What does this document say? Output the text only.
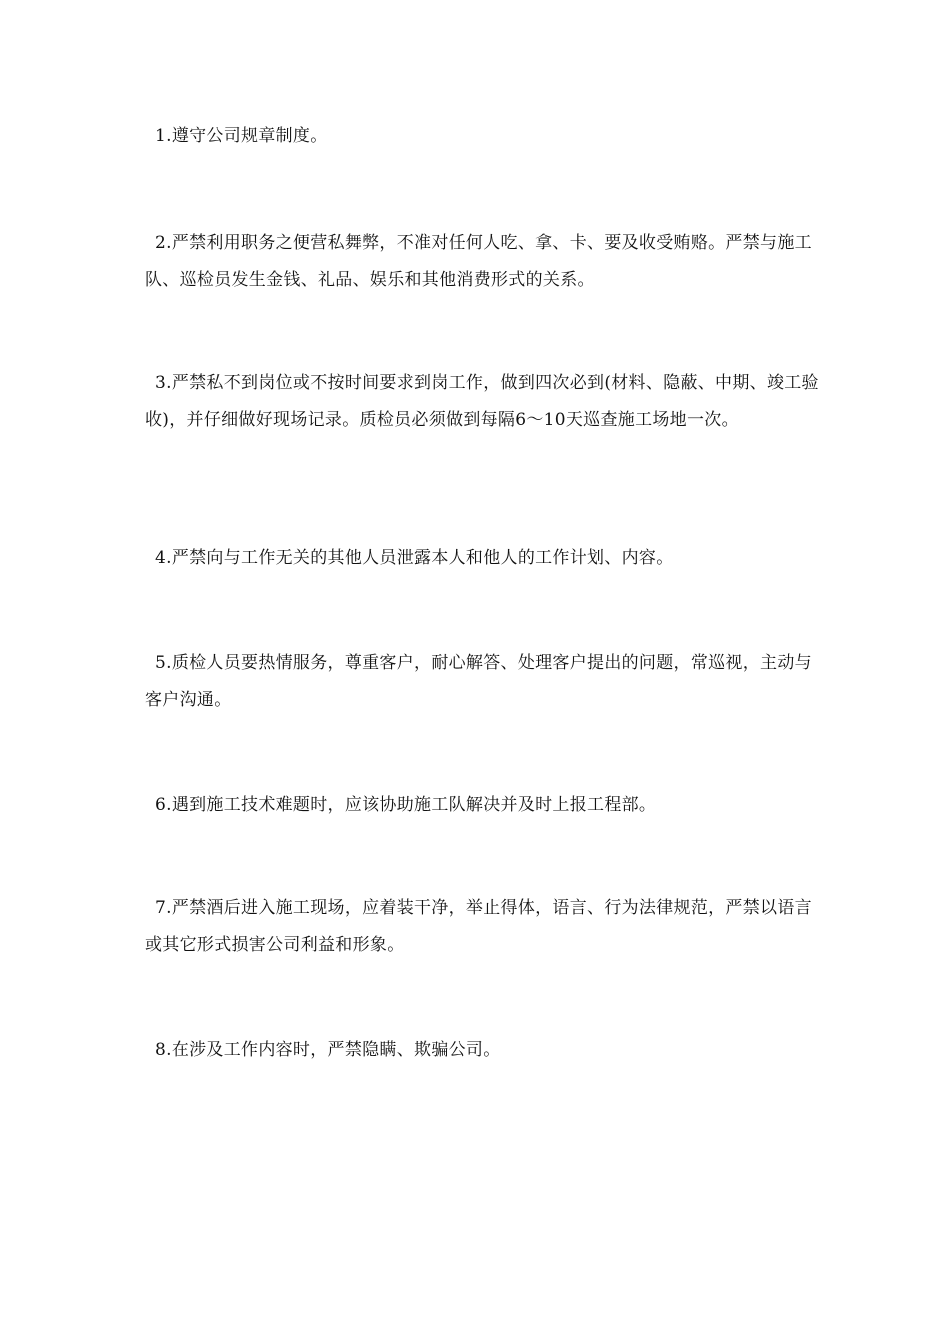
1.遵守公司规章制度。

2.严禁利用职务之便营私舞弊，不准对任何人吃、拿、卡、要及收受贿赂。严禁与施工队、巡检员发生金钱、礼品、娱乐和其他消费形式的关系。

3.严禁私不到岗位或不按时间要求到岗工作，做到四次必到(材料、隐蔽、中期、竣工验收)，并仔细做好现场记录。质检员必须做到每隔6～10天巡查施工场地一次。

4.严禁向与工作无关的其他人员泄露本人和他人的工作计划、内容。

5.质检人员要热情服务，尊重客户，耐心解答、处理客户提出的问题，常巡视，主动与客户沟通。

6.遇到施工技术难题时，应该协助施工队解决并及时上报工程部。

7.严禁酒后进入施工现场，应着装干净，举止得体，语言、行为法律规范，严禁以语言或其它形式损害公司利益和形象。

8.在涉及工作内容时，严禁隐瞒、欺骗公司。
